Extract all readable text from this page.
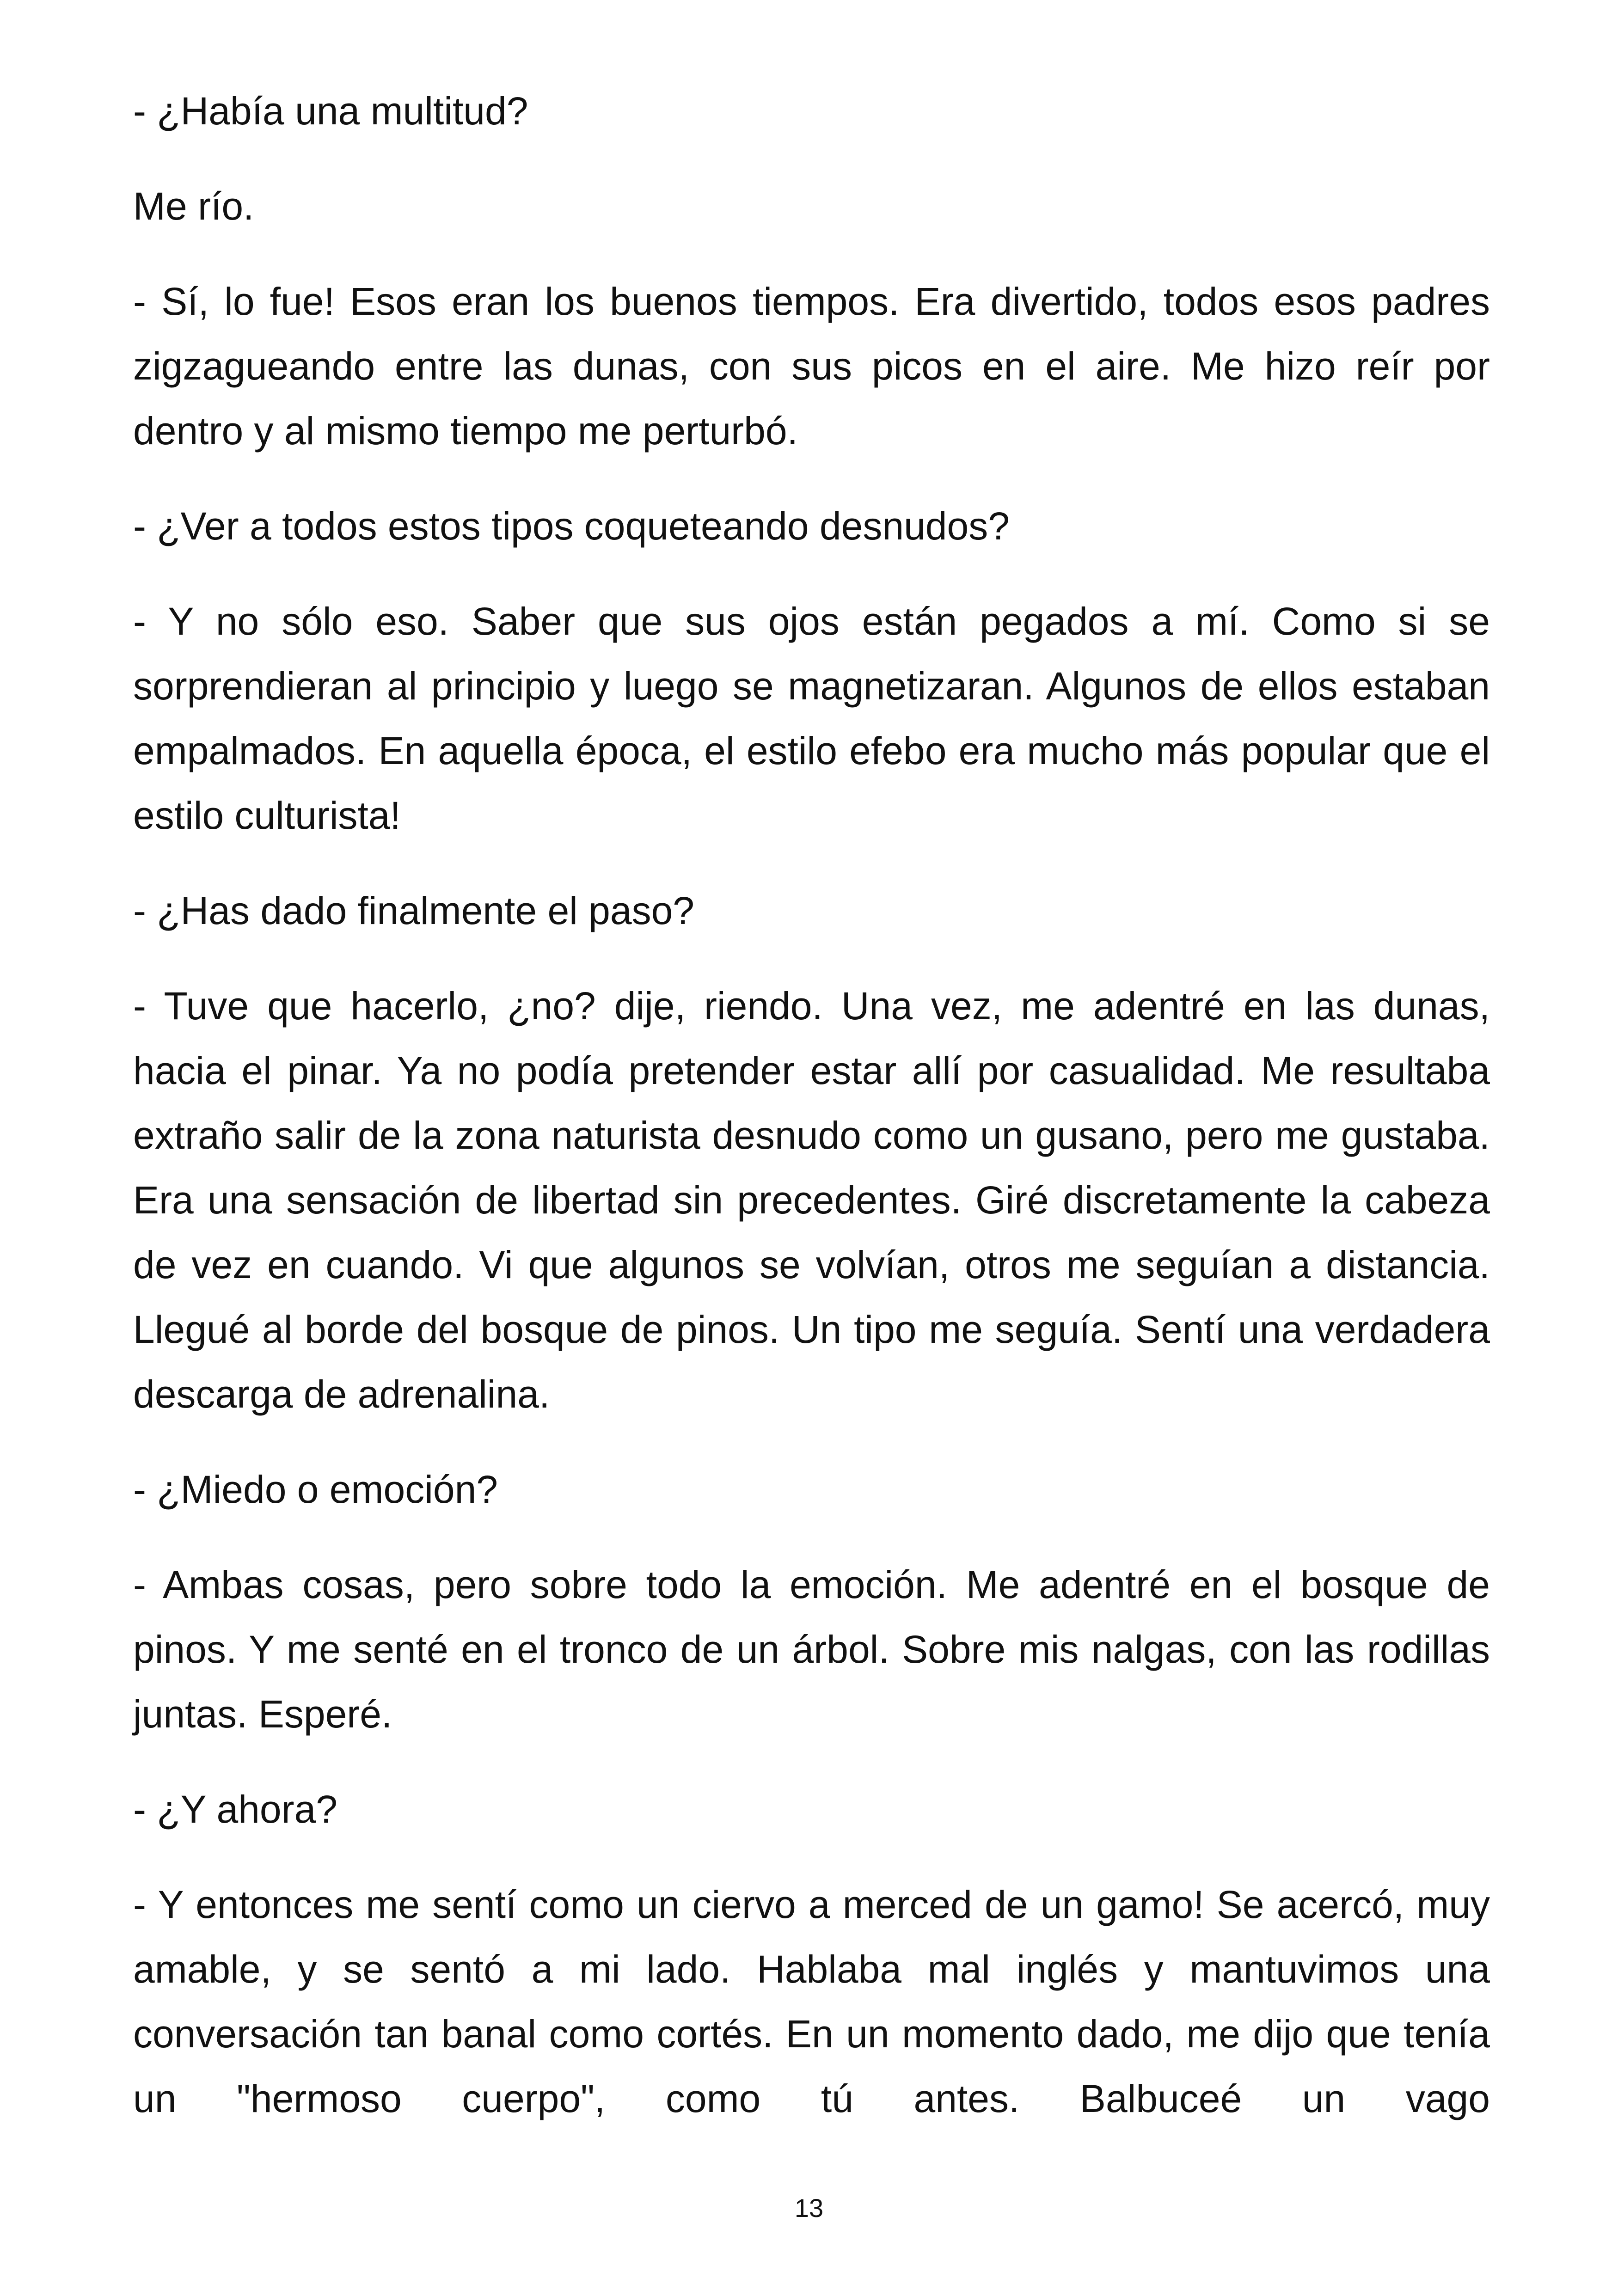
- ¿Había una multitud?

Me río.

- Sí, lo fue! Esos eran los buenos tiempos. Era divertido, todos esos padres zigzagueando entre las dunas, con sus picos en el aire. Me hizo reír por dentro y al mismo tiempo me perturbó.

- ¿Ver a todos estos tipos coqueteando desnudos?

- Y no sólo eso. Saber que sus ojos están pegados a mí. Como si se sorprendieran al principio y luego se magnetizaran. Algunos de ellos estaban empalmados. En aquella época, el estilo efebo era mucho más popular que el estilo culturista!

- ¿Has dado finalmente el paso?

- Tuve que hacerlo, ¿no? dije, riendo. Una vez, me adentré en las dunas, hacia el pinar. Ya no podía pretender estar allí por casualidad. Me resultaba extraño salir de la zona naturista desnudo como un gusano, pero me gustaba. Era una sensación de libertad sin precedentes. Giré discretamente la cabeza de vez en cuando. Vi que algunos se volvían, otros me seguían a distancia. Llegué al borde del bosque de pinos. Un tipo me seguía. Sentí una verdadera descarga de adrenalina.

- ¿Miedo o emoción?

- Ambas cosas, pero sobre todo la emoción. Me adentré en el bosque de pinos. Y me senté en el tronco de un árbol. Sobre mis nalgas, con las rodillas juntas. Esperé.

- ¿Y ahora?

- Y entonces me sentí como un ciervo a merced de un gamo! Se acercó, muy amable, y se sentó a mi lado. Hablaba mal inglés y mantuvimos una conversación tan banal como cortés. En un momento dado, me dijo que tenía un "hermoso cuerpo", como tú antes. Balbuceé un vago

13
